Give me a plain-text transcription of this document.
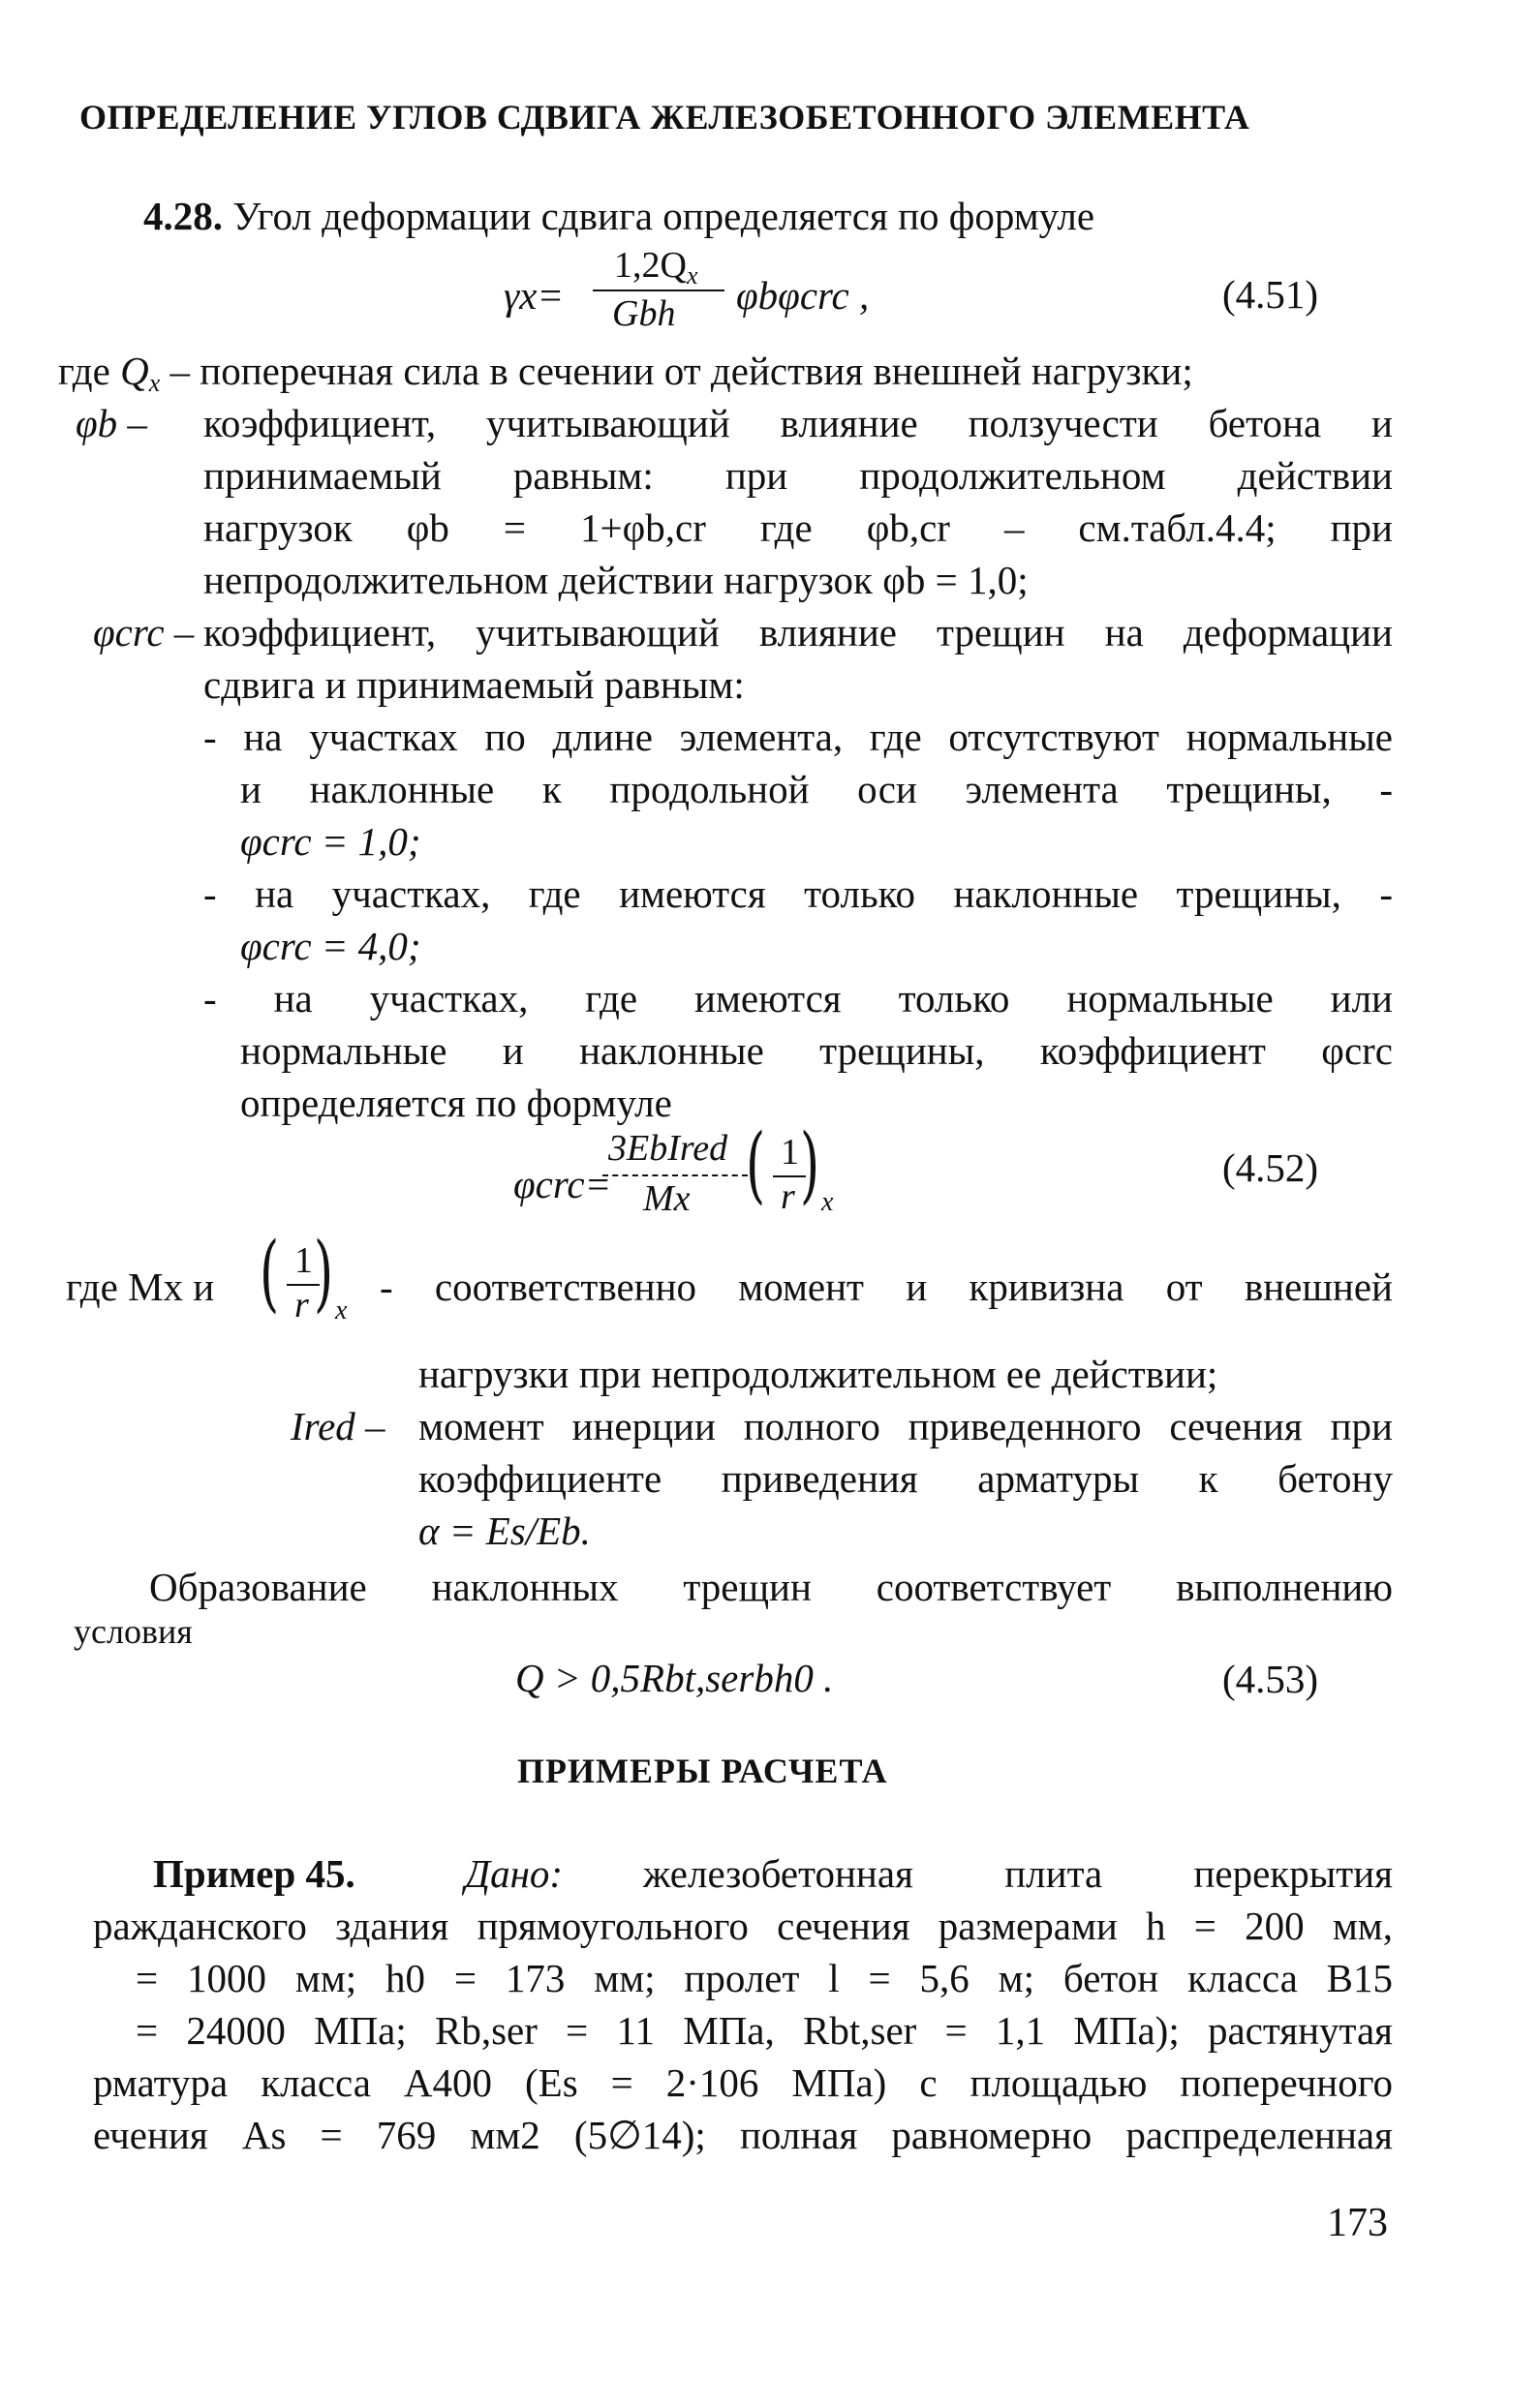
ОПРЕДЕЛЕНИЕ УГЛОВ СДВИГА ЖЕЛЕЗОБЕТОННОГО ЭЛЕМЕНТА
4.28. Угол деформации сдвига определяется по формуле
γx=
$1,2Q_x$
Gbh φbφcrc ,	(4.51)
где $Q_x$ – поперечная сила в сечении от действия внешней нагрузки;
φb – коэффициент, учитывающий влияние ползучести бетона и
принимаемый равным: при продолжительном действии
нагрузок φb = 1+φb,cr где φb,cr – см.табл.4.4; при
непродолжительном действии нагрузок φb = 1,0;
φcrc – коэффициент, учитывающий влияние трещин на деформации
сдвига и принимаемый равным:
- на участках по длине элемента, где отсутствуют нормальные
и наклонные к продольной оси элемента трещины, -
φcrc = 1,0;
- на участках, где имеются только наклонные трещины, -
φcrc = 4,0;
- на участках, где имеются только нормальные или
нормальные и наклонные трещины, коэффициент φcrc
определяется по формуле
φcrc=
3EbIred
Mx ( 1
r ) x
(4.52)
где Mx и ( 1
r ) x
- соответственно момент и кривизна от внешней
нагрузки при непродолжительном ее действии;
Ired – момент инерции полного приведенного сечения при
коэффициенте приведения арматуры к бетону
α = Es/Eb.
Образование наклонных трещин соответствует выполнению
условия
Q > 0,5Rbt,serbh0 .	(4.53)
ПРИМЕРЫ РАСЧЕТА
Пример 45.	Дано: железобетонная плита перекрытия
ражданского здания прямоугольного сечения размерами h = 200 мм,
= 1000 мм; h0 = 173 мм; пролет l = 5,6 м; бетон класса В15
= 24000 МПа; Rb,ser = 11 МПа, Rbt,ser = 1,1 МПа); растянутая
рматура класса А400 (Es = 2·106 МПа) с площадью поперечного
ечения As = 769 мм2 (5∅14); полная равномерно распределенная
173
